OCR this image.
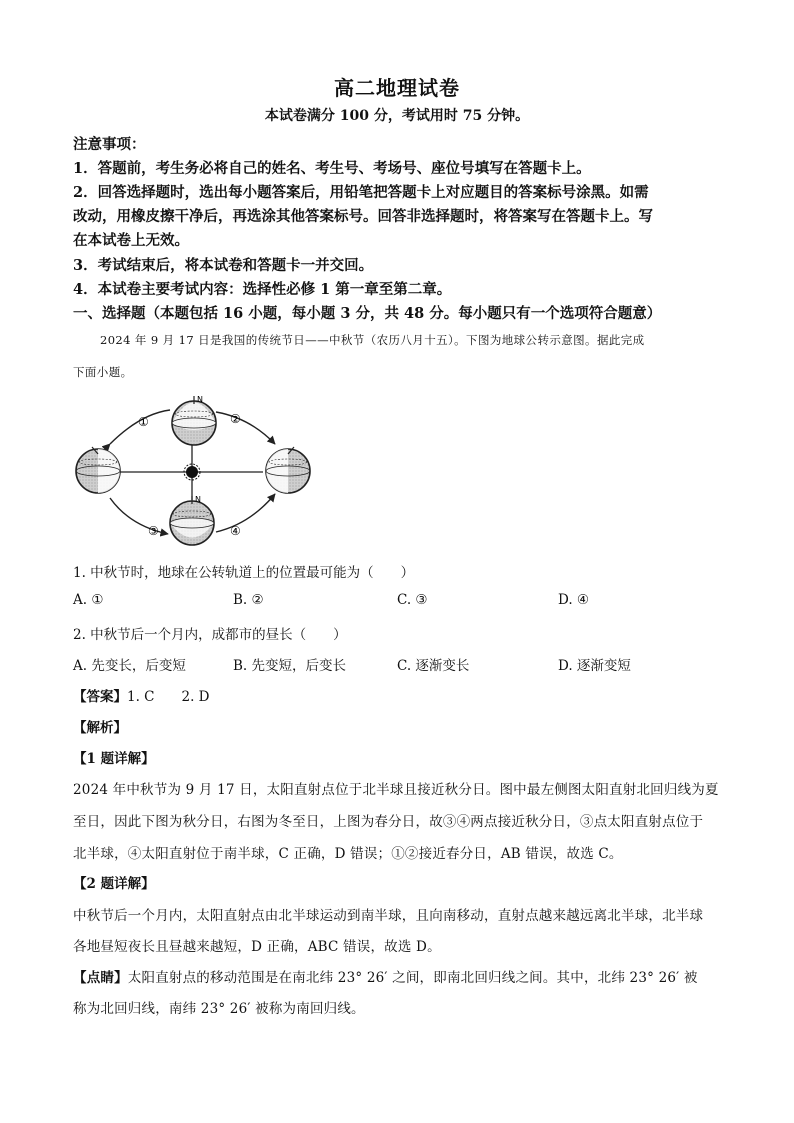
高二地理试卷
本试卷满分 100 分，考试用时 75 分钟。
注意事项：
1．答题前，考生务必将自己的姓名、考生号、考场号、座位号填写在答题卡上。
2．回答选择题时，选出每小题答案后，用铅笔把答题卡上对应题目的答案标号涂黑。如需
改动，用橡皮擦干净后，再选涂其他答案标号。回答非选择题时，将答案写在答题卡上。写
在本试卷上无效。
3．考试结束后，将本试卷和答题卡一并交回。
4．本试卷主要考试内容：选择性必修 1 第一章至第二章。
一、选择题（本题包括 16 小题，每小题 3 分，共 48 分。每小题只有一个选项符合题意）
2024 年 9 月 17 日是我国的传统节日——中秋节（农历八月十五）。下图为地球公转示意图。据此完成
下面小题。
N
N
①	②
③	④
1. 中秋节时，地球在公转轨道上的位置最可能为（　　）
A. ①	B. ②	C. ③	D. ④
2. 中秋节后一个月内，成都市的昼长（　　）
A. 先变长，后变短	B. 先变短，后变长	C. 逐渐变长	D. 逐渐变短
【答案】1. C　　2. D
【解析】
【1 题详解】
2024 年中秋节为 9 月 17 日，太阳直射点位于北半球且接近秋分日。图中最左侧图太阳直射北回归线为夏
至日，因此下图为秋分日，右图为冬至日，上图为春分日，故③④两点接近秋分日，③点太阳直射点位于
北半球，④太阳直射位于南半球，C 正确，D 错误；①②接近春分日，AB 错误，故选 C。
【2 题详解】
中秋节后一个月内，太阳直射点由北半球运动到南半球，且向南移动，直射点越来越远离北半球，北半球
各地昼短夜长且昼越来越短，D 正确，ABC 错误，故选 D。
【点睛】太阳直射点的移动范围是在南北纬 23° 26′ 之间，即南北回归线之间。其中，北纬 23° 26′ 被
称为北回归线，南纬 23° 26′ 被称为南回归线。
